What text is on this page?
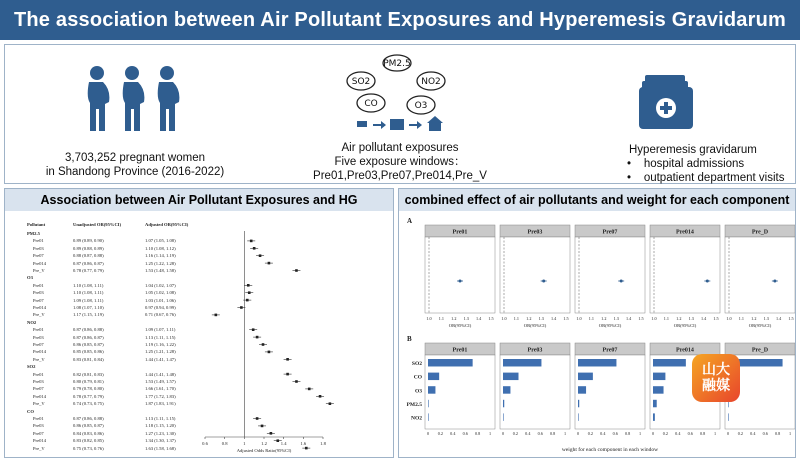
The association between Air Pollutant Exposures and Hyperemesis Gravidarum
3,703,252 pregnant women
in Shandong Province (2016-2022)
PM2.5
SO2	NO2
CO	O3
Air pollutant exposures
Five exposure windows：
Pre01,Pre03,Pre07,Pre014,Pre_V
Hyperemesis gravidarum
•    hospital admissions
•    outpatient department visits
Association between Air Pollutant Exposures and HG
Pollutant	Unadjusted OR(95%CI)	Adjusted OR(95%CI)
PM2.5
Pre01	0.89 (0.89, 0.90)	1.07 (1.05, 1.08)
Pre03	0.89 (0.88, 0.89)	1.10 (1.08, 1.12)
Pre07	0.88 (0.87, 0.88)	1.16 (1.14, 1.19)
Pre014	0.87 (0.86, 0.87)	1.25 (1.22, 1.28)
Pre_V	0.78 (0.77, 0.79)	1.53 (1.48, 1.58)
O3
Pre01	1.10 (1.08, 1.11)	1.04 (1.02, 1.07)
Pre03	1.10 (1.08, 1.11)	1.05 (1.02, 1.08)
Pre07	1.09 (1.08, 1.11)	1.03 (1.01, 1.06)
Pre014	1.08 (1.07, 1.10)	0.97 (0.94, 0.99)
Pre_V	1.17 (1.15, 1.19)	0.71 (0.67, 0.76)
NO2
Pre01	0.87 (0.86, 0.88)	1.09 (1.07, 1.11)
Pre03	0.87 (0.86, 0.87)	1.13 (1.11, 1.15)
Pre07	0.86 (0.85, 0.87)	1.19 (1.16, 1.22)
Pre014	0.85 (0.85, 0.86)	1.25 (1.21, 1.28)
Pre_V	0.83 (0.81, 0.84)	1.44 (1.41, 1.47)
SO2
Pre01	0.82 (0.81, 0.83)	1.44 (1.41, 1.48)
Pre03	0.80 (0.79, 0.81)	1.53 (1.49, 1.57)
Pre07	0.79 (0.78, 0.80)	1.66 (1.61, 1.70)
Pre014	0.78 (0.77, 0.79)	1.77 (1.72, 1.83)
Pre_V	0.74 (0.73, 0.75)	1.87 (1.83, 1.91)
CO
Pre01	0.87 (0.86, 0.88)	1.13 (1.11, 1.15)
Pre03	0.86 (0.85, 0.87)	1.18 (1.15, 1.20)
Pre07	0.84 (0.83, 0.86)	1.27 (1.23, 1.30)
Pre014	0.83 (0.82, 0.85)	1.34 (1.30, 1.37)
Pre_V	0.75 (0.73, 0.76)	1.63 (1.58, 1.68)
0.6	0.8	1	1.2	1.4	1.6	1.8
Adjusted Odds Ratio(95%CI)
combined effect of air pollutants and weight for each component
A
B
Pre01
1.0 1.1 1.2 1.3 1.4 1.5
OR(95%CI)
Pre03
1.0 1.1 1.2 1.3 1.4 1.5
OR(95%CI)
Pre07
1.0 1.1 1.2 1.3 1.4 1.5
OR(95%CI)
Pre014
1.0 1.1 1.2 1.3 1.4 1.5
OR(95%CI)
Pre_D
1.0 1.1 1.2 1.3 1.4 1.5
OR(95%CI)
Pre01
SO2
CO
O3
PM2.5
NO2
0 0.2 0.4 0.6 0.8 1
Pre03
0 0.2 0.4 0.6 0.8 1
Pre07
0 0.2 0.4 0.6 0.8 1
Pre014
0 0.2 0.4 0.6 0.8 1
Pre_D
0 0.2 0.4 0.6 0.8 1
weight for each component in each window
山大
融媒
